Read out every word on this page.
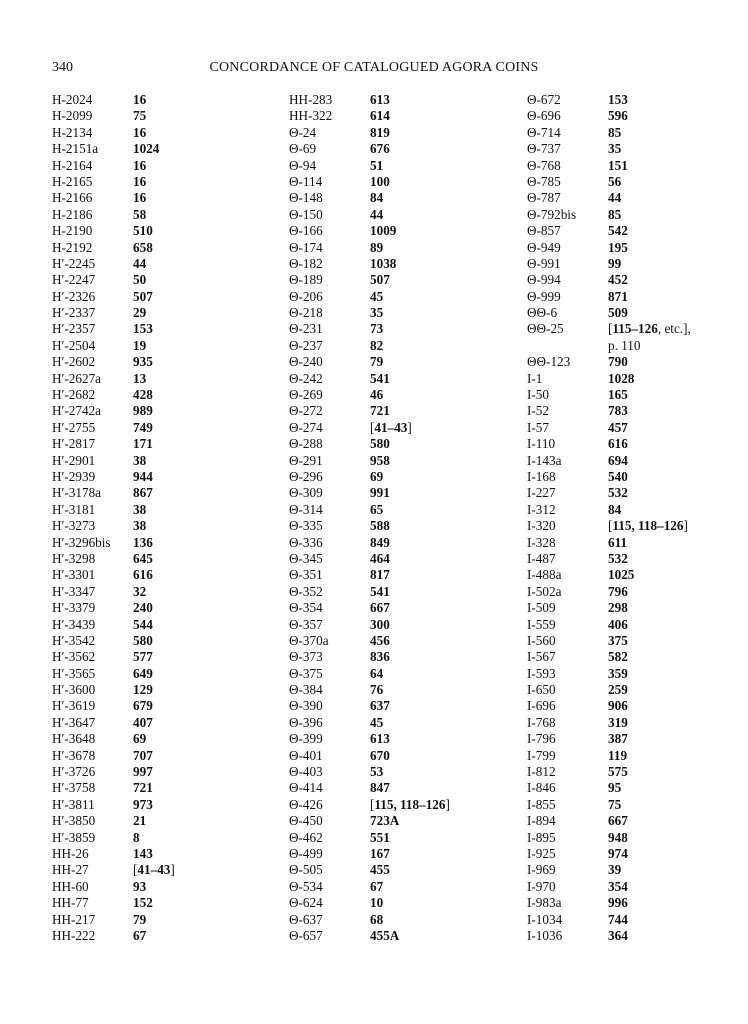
340	CONCORDANCE OF CATALOGUED AGORA COINS
H-2024	16
H-2099	75
H-2134	16
H-2151a	1024
H-2164	16
H-2165	16
H-2166	16
H-2186	58
H-2190	510
H-2192	658
H′-2245	44
H′-2247	50
H′-2326	507
H′-2337	29
H′-2357	153
H′-2504	19
H′-2602	935
H′-2627a 13
H′-2682	428
H′-2742a 989
H′-2755	749
H′-2817	171
H′-2901	38
H′-2939	944
H′-3178a 867
H′-3181	38
H′-3273	38
H′-3296bis 136
H′-3298	645
H′-3301	616
H′-3347	32
H′-3379	240
H′-3439	544
H′-3542	580
H′-3562	577
H′-3565	649
H′-3600	129
H′-3619	679
H′-3647	407
H′-3648	69
H′-3678	707
H′-3726	997
H′-3758	721
H′-3811	973
H′-3850	21
H′-3859	8
HH-26	143
HH-27	[41–43]
HH-60	93
HH-77	152
HH-217	79
HH-222	67
HH-283	613
HH-322	614
Θ-24	819
Θ-69	676
Θ-94	51
Θ-114	100
Θ-148	84
Θ-150	44
Θ-166	1009
Θ-174	89
Θ-182	1038
Θ-189	507
Θ-206	45
Θ-218	35
Θ-231	73
Θ-237	82
Θ-240	79
Θ-242	541
Θ-269	46
Θ-272	721
Θ-274	[41–43]
Θ-288	580
Θ-291	958
Θ-296	69
Θ-309	991
Θ-314	65
Θ-335	588
Θ-336	849
Θ-345	464
Θ-351	817
Θ-352	541
Θ-354	667
Θ-357	300
Θ-370a	456
Θ-373	836
Θ-375	64
Θ-384	76
Θ-390	637
Θ-396	45
Θ-399	613
Θ-401	670
Θ-403	53
Θ-414	847
Θ-426	[115, 118–126]
Θ-450	723A
Θ-462	551
Θ-499	167
Θ-505	455
Θ-534	67
Θ-624	10
Θ-637	68
Θ-657	455A
Θ-672	153
Θ-696	596
Θ-714	85
Θ-737	35
Θ-768	151
Θ-785	56
Θ-787	44
Θ-792bis 85
Θ-857	542
Θ-949	195
Θ-991	99
Θ-994	452
Θ-999	871
ΘΘ-6	509
ΘΘ-25	[115–126, etc.],
p. 110
ΘΘ-123	790
I-1	1028
I-50	165
I-52	783
I-57	457
I-110	616
I-143a	694
I-168	540
I-227	532
I-312	84
I-320	[115, 118–126]
I-328	611
I-487	532
I-488a	1025
I-502a	796
I-509	298
I-559	406
I-560	375
I-567	582
I-593	359
I-650	259
I-696	906
I-768	319
I-796	387
I-799	119
I-812	575
I-846	95
I-855	75
I-894	667
I-895	948
I-925	974
I-969	39
I-970	354
I-983a	996
I-1034	744
I-1036	364
